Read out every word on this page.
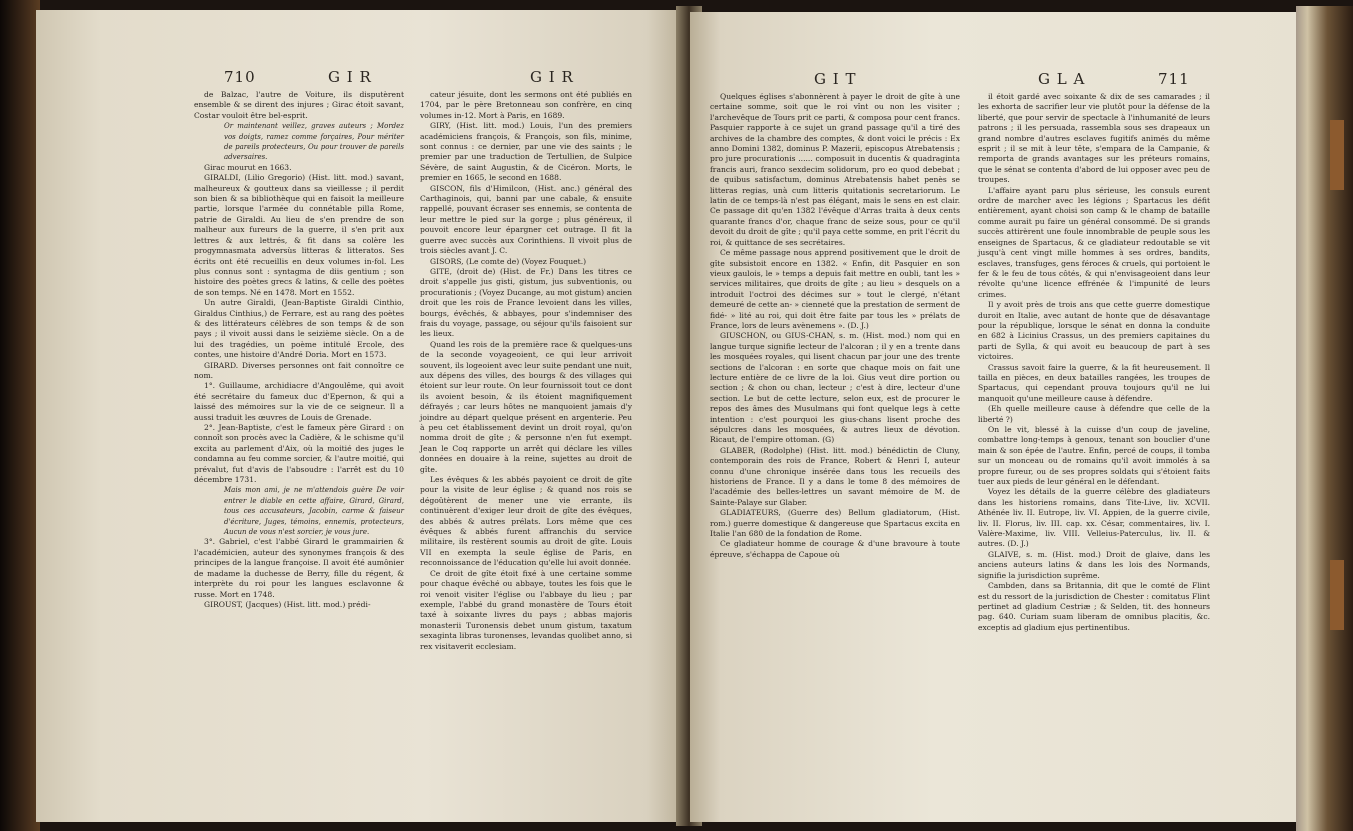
710	G I R	G I R

de Balzac, l'autre de Voiture, ils disputèrent ensemble & se dirent des injures ; Girac étoit savant, Costar vouloit être bel-esprit.

Or maintenant veillez, graves auteurs ; Mordez vos doigts, ramez comme forçaires, Pour mériter de pareils protecteurs, Ou pour trouver de pareils adversaires.

Girac mourut en 1663.

GIRALDI, (Lilio Gregorio) (Hist. litt. mod.) savant, malheureux & goutteux dans sa vieillesse ; il perdit son bien & sa bibliothèque qui en faisoit la meilleure partie, lorsque l'armée du connétable pilla Rome, patrie de Giraldi. Au lieu de s'en prendre de son malheur aux fureurs de la guerre, il s'en prit aux lettres & aux lettrés, & fit dans sa colère les progymnasmata adversùs litteras & litteratos. Ses écrits ont été recueillis en deux volumes in-fol. Les plus connus sont : syntagma de diis gentium ; son histoire des poètes grecs & latins, & celle des poètes de son temps. Né en 1478. Mort en 1552.

Un autre Giraldi, (Jean-Baptiste Giraldi Cinthio, Giraldus Cinthius,) de Ferrare, est au rang des poètes & des littérateurs célèbres de son temps & de son pays ; il vivoit aussi dans le seizième siècle. On a de lui des tragédies, un poème intitulé Ercole, des contes, une histoire d'André Doria. Mort en 1573.

GIRARD. Diverses personnes ont fait connoître ce nom.

1°. Guillaume, archidiacre d'Angoulême, qui avoit été secrétaire du fameux duc d'Epernon, & qui a laissé des mémoires sur la vie de ce seigneur. Il a aussi traduit les œuvres de Louis de Grenade.

2°. Jean-Baptiste, c'est le fameux père Girard : on connoît son procès avec la Cadière, & le schisme qu'il excita au parlement d'Aix, où la moitié des juges le condamna au feu comme sorcier, & l'autre moitié, qui prévalut, fut d'avis de l'absoudre : l'arrêt est du 10 décembre 1731.

Mais mon ami, je ne m'attendois guère De voir entrer le diable en cette affaire, Girard, Girard, tous ces accusateurs, Jacobin, carme & faiseur d'écriture, Juges, témoins, ennemis, protecteurs, Aucun de vous n'est sorcier, je vous jure.

3°. Gabriel, c'est l'abbé Girard le grammairien & l'académicien, auteur des synonymes françois & des principes de la langue françoise. Il avoit été aumônier de madame la duchesse de Berry, fille du régent, & interprète du roi pour les langues esclavonne & russe. Mort en 1748.

GIROUST, (Jacques) (Hist. litt. mod.) prédi-

cateur jésuite, dont les sermons ont été publiés en 1704, par le père Bretonneau son confrère, en cinq volumes in-12. Mort à Paris, en 1689.

GIRY, (Hist. litt. mod.) Louis, l'un des premiers académiciens françois, & François, son fils, minime, sont connus : ce dernier, par une vie des saints ; le premier par une traduction de Tertullien, de Sulpice Sévère, de saint Augustin, & de Cicéron. Morts, le premier en 1665, le second en 1688.

GISCON, fils d'Himilcon, (Hist. anc.) général des Carthaginois, qui, banni par une cabale, & ensuite rappellé, pouvant écraser ses ennemis, se contenta de leur mettre le pied sur la gorge ; plus généreux, il pouvoit encore leur épargner cet outrage. Il fit la guerre avec succès aux Corinthiens. Il vivoit plus de trois siècles avant J. C.

GISORS, (Le comte de) (Voyez Fouquet.)

GITE, (droit de) (Hist. de Fr.) Dans les titres ce droit s'appelle jus gisti, gistum, jus subventionis, ou procurationis ; (Voyez Ducange, au mot gistum) ancien droit que les rois de France levoient dans les villes, bourgs, évêchés, & abbayes, pour s'indemniser des frais du voyage, passage, ou séjour qu'ils faisoient sur les lieux.

Quand les rois de la première race & quelques-uns de la seconde voyageoient, ce qui leur arrivoit souvent, ils logeoient avec leur suite pendant une nuit, aux dépens des villes, des bourgs & des villages qui étoient sur leur route. On leur fournissoit tout ce dont ils avoient besoin, & ils étoient magnifiquement défrayés ; car leurs hôtes ne manquoient jamais d'y joindre au départ quelque présent en argenterie. Peu à peu cet établissement devint un droit royal, qu'on nomma droit de gîte ; & personne n'en fut exempt. Jean le Coq rapporte un arrêt qui déclare les villes données en douaire à la reine, sujettes au droit de gîte.

Les évêques & les abbés payoient ce droit de gîte pour la visite de leur église ; & quand nos rois se dégoûtèrent de mener une vie errante, ils continuèrent d'exiger leur droit de gîte des évêques, des abbés & autres prélats. Lors même que ces évêques & abbés furent affranchis du service militaire, ils restèrent soumis au droit de gîte. Louis VII en exempta la seule église de Paris, en reconnoissance de l'éducation qu'elle lui avoit donnée.

Ce droit de gîte étoit fixé à une certaine somme pour chaque évêché ou abbaye, toutes les fois que le roi venoit visiter l'église ou l'abbaye du lieu ; par exemple, l'abbé du grand monastère de Tours étoit taxé à soixante livres du pays ; abbas majoris monasterii Turonensis debet unum gistum, taxatum sexaginta libras turonenses, levandas quolibet anno, si rex visitaverit ecclesiam.

G I T	G L A	711

Quelques églises s'abonnèrent à payer le droit de gîte à une certaine somme, soit que le roi vînt ou non les visiter ; l'archevêque de Tours prit ce parti, & composa pour cent francs. Pasquier rapporte à ce sujet un grand passage qu'il a tiré des archives de la chambre des comptes, & dont voici le précis : Ex anno Domini 1382, dominus P. Mazerii, episcopus Atrebatensis ; pro jure procurationis ...... composuit in ducentis & quadraginta francis auri, franco sexdecim solidorum, pro eo quod debebat ; de quibus satisfactum, dominus Atrebatensis habet penès se litteras regias, unà cum litteris quitationis secretariorum. Le latin de ce temps-là n'est pas élégant, mais le sens en est clair. Ce passage dit qu'en 1382 l'évêque d'Arras traita à deux cents quarante francs d'or, chaque franc de seize sous, pour ce qu'il devoit du droit de gîte ; qu'il paya cette somme, en prit l'écrit du roi, & quittance de ses secrétaires.

Ce même passage nous apprend positivement que le droit de gîte subsistoit encore en 1382. « Enfin, dit Pasquier en son vieux gaulois, le » temps a depuis fait mettre en oubli, tant les » services militaires, que droits de gîte ; au lieu » desquels on a introduit l'octroi des décimes sur » tout le clergé, n'étant demeuré de cette an- » cienneté que la prestation de serment de fidé- » lité au roi, qui doit être faite par tous les » prélats de France, lors de leurs avènemens ». (D. J.)

GIUSCHON, ou GIUS-CHAN, s. m. (Hist. mod.) nom qui en langue turque signifie lecteur de l'alcoran ; il y en a trente dans les mosquées royales, qui lisent chacun par jour une des trente sections de l'alcoran : en sorte que chaque mois on fait une lecture entière de ce livre de la loi. Gius veut dire portion ou section ; & chon ou chan, lecteur ; c'est à dire, lecteur d'une section. Le but de cette lecture, selon eux, est de procurer le repos des âmes des Musulmans qui font quelque legs à cette intention : c'est pourquoi les gius-chans lisent proche des sépulcres dans les mosquées, & autres lieux de dévotion. Ricaut, de l'empire ottoman. (G)

GLABER, (Rodolphe) (Hist. litt. mod.) bénédictin de Cluny, contemporain des rois de France, Robert & Henri I, auteur connu d'une chronique insérée dans tous les recueils des historiens de France. Il y a dans le tome 8 des mémoires de l'académie des belles-lettres un savant mémoire de M. de Sainte-Palaye sur Glaber.

GLADIATEURS, (Guerre des) Bellum gladiatorum, (Hist. rom.) guerre domestique & dangereuse que Spartacus excita en Italie l'an 680 de la fondation de Rome.

Ce gladiateur homme de courage & d'une bravoure à toute épreuve, s'échappa de Capoue où

il étoit gardé avec soixante & dix de ses camarades ; il les exhorta de sacrifier leur vie plutôt pour la défense de la liberté, que pour servir de spectacle à l'inhumanité de leurs patrons ; il les persuada, rassembla sous ses drapeaux un grand nombre d'autres esclaves fugitifs animés du même esprit ; il se mit à leur tête, s'empara de la Campanie, & remporta de grands avantages sur les préteurs romains, que le sénat se contenta d'abord de lui opposer avec peu de troupes.

L'affaire ayant paru plus sérieuse, les consuls eurent ordre de marcher avec les légions ; Spartacus les défit entièrement, ayant choisi son camp & le champ de bataille comme aurait pu faire un général consommé. De si grands succès attirèrent une foule innombrable de peuple sous les enseignes de Spartacus, & ce gladiateur redoutable se vit jusqu'à cent vingt mille hommes à ses ordres, bandits, esclaves, transfuges, gens féroces & cruels, qui portoient le fer & le feu de tous côtés, & qui n'envisageoient dans leur révolte qu'une licence effrénée & l'impunité de leurs crimes.

Il y avoit près de trois ans que cette guerre domestique duroit en Italie, avec autant de honte que de désavantage pour la république, lorsque le sénat en donna la conduite en 682 à Licinius Crassus, un des premiers capitaines du parti de Sylla, & qui avoit eu beaucoup de part à ses victoires.

Crassus savoit faire la guerre, & la fit heureusement. Il tailla en pièces, en deux batailles rangées, les troupes de Spartacus, qui cependant prouva toujours qu'il ne lui manquoit qu'une meilleure cause à défendre.

(Eh quelle meilleure cause à défendre que celle de la liberté ?)

On le vit, blessé à la cuisse d'un coup de javeline, combattre long-temps à genoux, tenant son bouclier d'une main & son épée de l'autre. Enfin, percé de coups, il tomba sur un monceau ou de romains qu'il avoit immolés à sa propre fureur, ou de ses propres soldats qui s'étoient faits tuer aux pieds de leur général en le défendant.

Voyez les détails de la guerre célèbre des gladiateurs dans les historiens romains, dans Tite-Live, liv. XCVII. Athénée liv. II. Eutrope, liv. VI. Appien, de la guerre civile, liv. II. Florus, liv. III. cap. xx. César, commentaires, liv. I. Valère-Maxime, liv. VIII. Velleius-Paterculus, liv. II. & autres. (D. J.)

GLAIVE, s. m. (Hist. mod.) Droit de glaive, dans les anciens auteurs latins & dans les lois des Normands, signifie la jurisdiction suprême.

Cambden, dans sa Britannia, dit que le comté de Flint est du ressort de la jurisdiction de Chester : comitatus Flint pertinet ad gladium Cestriæ ; & Selden, tit. des honneurs pag. 640. Curiam suam liberam de omnibus placitis, &c. exceptis ad gladium ejus pertinentibus.
